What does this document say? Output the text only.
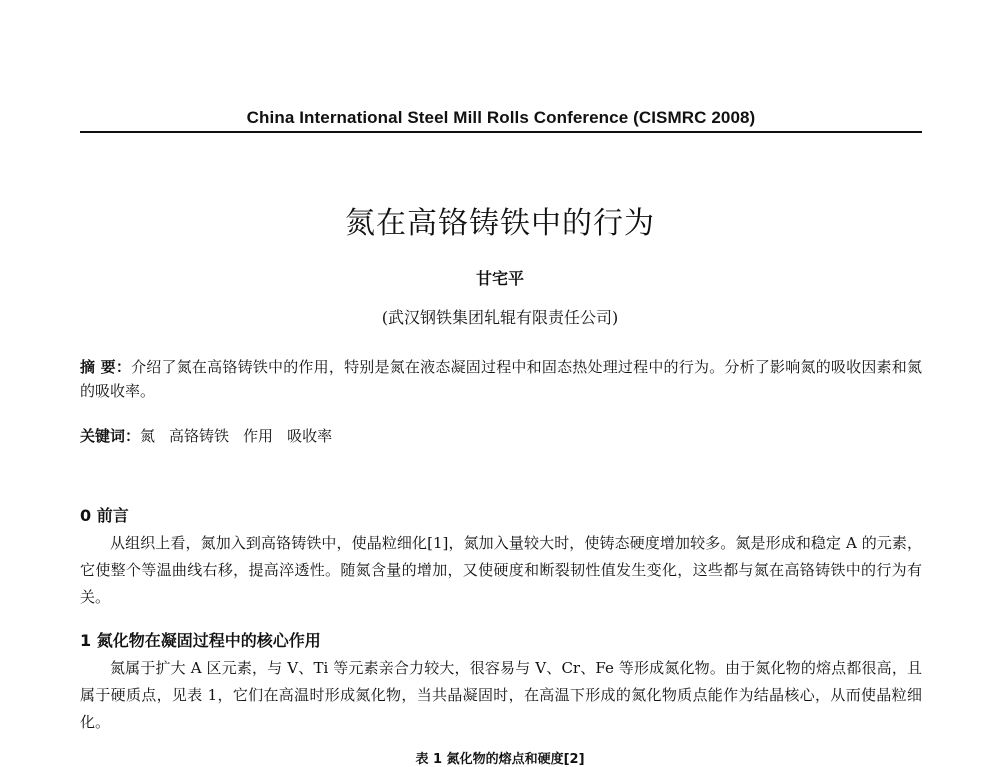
China International Steel Mill Rolls Conference (CISMRC 2008)
氮在高铬铸铁中的行为
甘宅平
(武汉钢铁集团轧辊有限责任公司)
摘 要：介绍了氮在高铬铸铁中的作用，特别是氮在液态凝固过程中和固态热处理过程中的行为。分析了影响氮的吸收因素和氮的吸收率。
关键词：氮 高铬铸铁 作用 吸收率
0 前言
从组织上看，氮加入到高铬铸铁中，使晶粒细化[1]，氮加入量较大时，使铸态硬度增加较多。氮是形成和稳定 A 的元素，它使整个等温曲线右移，提高淬透性。随氮含量的增加，又使硬度和断裂韧性值发生变化，这些都与氮在高铬铸铁中的行为有关。
1 氮化物在凝固过程中的核心作用
氮属于扩大 A 区元素，与 V、Ti 等元素亲合力较大，很容易与 V、Cr、Fe 等形成氮化物。由于氮化物的熔点都很高，且属于硬质点，见表 1，它们在高温时形成氮化物，当共晶凝固时，在高温下形成的氮化物质点能作为结晶核心，从而使晶粒细化。
表 1 氮化物的熔点和硬度[2]
